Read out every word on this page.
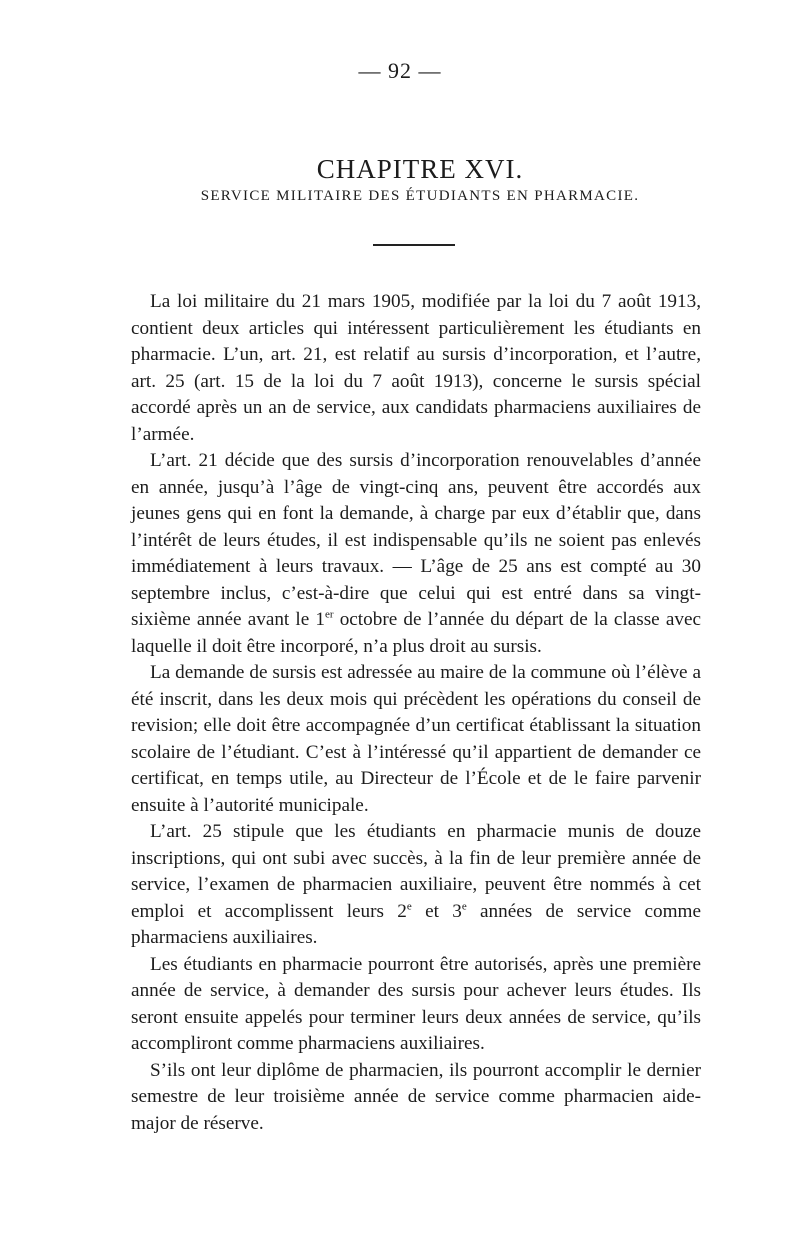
— 92 —
CHAPITRE XVI.
SERVICE MILITAIRE DES ÉTUDIANTS EN PHARMACIE.

La loi militaire du 21 mars 1905, modifiée par la loi du 7 août 1913, contient deux articles qui intéressent particulièrement les étudiants en pharmacie. L’un, art. 21, est relatif au sursis d’incorporation, et l’autre, art. 25 (art. 15 de la loi du 7 août 1913), concerne le sursis spécial accordé après un an de service, aux candidats pharmaciens auxiliaires de l’armée.

L’art. 21 décide que des sursis d’incorporation renouvelables d’année en année, jusqu’à l’âge de vingt-cinq ans, peuvent être accordés aux jeunes gens qui en font la demande, à charge par eux d’établir que, dans l’intérêt de leurs études, il est indispensable qu’ils ne soient pas enlevés immédiatement à leurs travaux. — L’âge de 25 ans est compté au 30 septembre inclus, c’est-à-dire que celui qui est entré dans sa vingt-sixième année avant le 1er octobre de l’année du départ de la classe avec laquelle il doit être incorporé, n’a plus droit au sursis.

La demande de sursis est adressée au maire de la commune où l’élève a été inscrit, dans les deux mois qui précèdent les opérations du conseil de revision; elle doit être accompagnée d’un certificat établissant la situation scolaire de l’étudiant. C’est à l’intéressé qu’il appartient de demander ce certificat, en temps utile, au Directeur de l’École et de le faire parvenir ensuite à l’autorité municipale.

L’art. 25 stipule que les étudiants en pharmacie munis de douze inscriptions, qui ont subi avec succès, à la fin de leur première année de service, l’examen de pharmacien auxiliaire, peuvent être nommés à cet emploi et accomplissent leurs 2e et 3e années de service comme pharmaciens auxiliaires.

Les étudiants en pharmacie pourront être autorisés, après une première année de service, à demander des sursis pour achever leurs études. Ils seront ensuite appelés pour terminer leurs deux années de service, qu’ils accompliront comme pharmaciens auxiliaires.

S’ils ont leur diplôme de pharmacien, ils pourront accomplir le dernier semestre de leur troisième année de service comme pharmacien aide-major de réserve.
